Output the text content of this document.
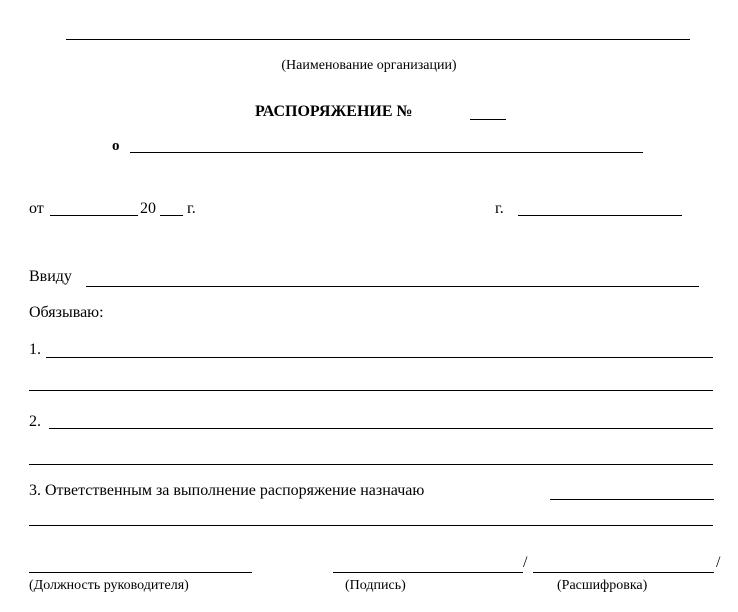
(Наименование организации)
РАСПОРЯЖЕНИЕ №
о
от	20 г.	г.
Ввиду
Обязываю:
1.
2.
3. Ответственным за выполнение распоряжение назначаю
/	/
(Должность руководителя)	(Подпись)	(Расшифровка)
